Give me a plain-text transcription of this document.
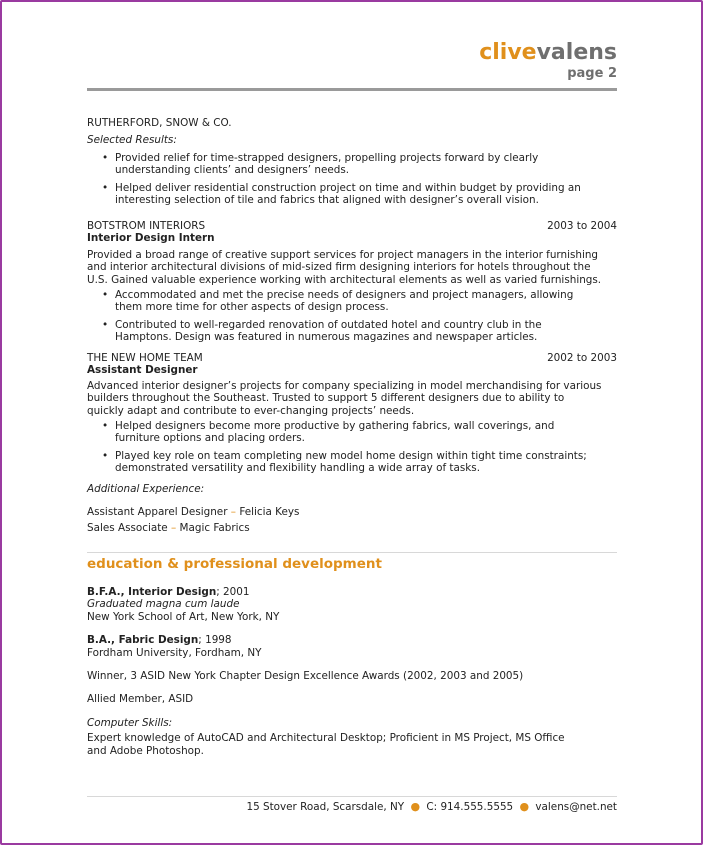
clivevalens
page 2
RUTHERFORD, SNOW & CO.
Selected Results:
• Provided relief for time-strapped designers, propelling projects forward by clearly understanding clients’ and designers’ needs.
• Helped deliver residential construction project on time and within budget by providing an interesting selection of tile and fabrics that aligned with designer’s overall vision.
BOTSTROM INTERIORS	2003 to 2004
Interior Design Intern
Provided a broad range of creative support services for project managers in the interior furnishing and interior architectural divisions of mid-sized firm designing interiors for hotels throughout the U.S. Gained valuable experience working with architectural elements as well as varied furnishings.
• Accommodated and met the precise needs of designers and project managers, allowing them more time for other aspects of design process.
• Contributed to well-regarded renovation of outdated hotel and country club in the Hamptons. Design was featured in numerous magazines and newspaper articles.
THE NEW HOME TEAM	2002 to 2003
Assistant Designer
Advanced interior designer’s projects for company specializing in model merchandising for various builders throughout the Southeast. Trusted to support 5 different designers due to ability to quickly adapt and contribute to ever-changing projects’ needs.
• Helped designers become more productive by gathering fabrics, wall coverings, and furniture options and placing orders.
• Played key role on team completing new model home design within tight time constraints; demonstrated versatility and flexibility handling a wide array of tasks.
Additional Experience:
Assistant Apparel Designer – Felicia Keys
Sales Associate – Magic Fabrics
education & professional development
B.F.A., Interior Design; 2001
Graduated magna cum laude
New York School of Art, New York, NY
B.A., Fabric Design; 1998
Fordham University, Fordham, NY
Winner, 3 ASID New York Chapter Design Excellence Awards (2002, 2003 and 2005)
Allied Member, ASID
Computer Skills:
Expert knowledge of AutoCAD and Architectural Desktop; Proficient in MS Project, MS Office and Adobe Photoshop.
15 Stover Road, Scarsdale, NY ● C: 914.555.5555 ● valens@net.net
